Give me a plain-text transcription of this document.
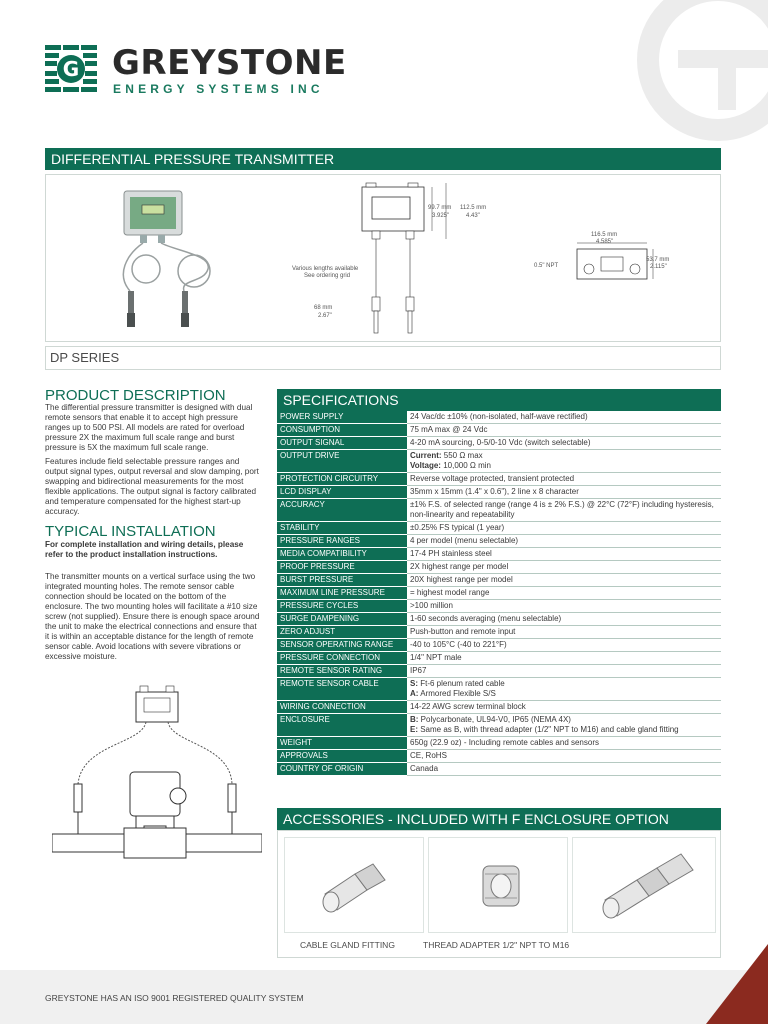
G GREYSTONE
ENERGY SYSTEMS INC
DIFFERENTIAL PRESSURE TRANSMITTER
99.7 mm
3.925"
112.5 mm
4.43"
Various lengths available
See ordering grid
68 mm
2.67"
116.5 mm
4.585"
0.5" NPT
53.7 mm
2.115"
DP SERIES
PRODUCT DESCRIPTION
The differential pressure transmitter is designed with dual remote sensors that enable it to accept high pressure ranges up to 500 PSI. All models are rated for overload pressure 2X the maximum full scale range and burst pressure is 5X the maximum full scale range.
Features include field selectable pressure ranges and output signal types, output reversal and slow damping, port swapping and bidirectional measurements for the most flexible applications. The output signal is factory calibrated and temperature compensated for the highest start-up accuracy.
TYPICAL INSTALLATION
For complete installation and wiring details, please refer to the product installation instructions.
The transmitter mounts on a vertical surface using the two integrated mounting holes. The remote sensor cable connection should be located on the bottom of the enclosure. The two mounting holes will facilitate a #10 size screw (not supplied). Ensure there is enough space around the unit to make the electrical connections and ensure that it is within an acceptable distance for the length of remote sensor cable. Avoid locations with severe vibrations or excessive moisture.
SPECIFICATIONS
POWER SUPPLY	24 Vac/dc ±10% (non-isolated, half-wave rectified)
CONSUMPTION	75 mA max @ 24 Vdc
OUTPUT SIGNAL	4-20 mA sourcing, 0-5/0-10 Vdc (switch selectable)
OUTPUT DRIVE	Current: 550 Ω max
Voltage: 10,000 Ω min

PROTECTION CIRCUITRY	Reverse voltage protected, transient protected
LCD DISPLAY	35mm x 15mm (1.4" x 0.6"), 2 line x 8 character
ACCURACY	±1% F.S. of selected range (range 4 is ± 2% F.S.) @ 22°C (72°F) including hysteresis, non-linearity and repeatability
STABILITY	±0.25% FS typical (1 year)
PRESSURE RANGES	4 per model (menu selectable)
MEDIA COMPATIBILITY	17-4 PH stainless steel
PROOF PRESSURE	2X highest range per model
BURST PRESSURE	20X highest range per model
MAXIMUM LINE PRESSURE	= highest model range
PRESSURE CYCLES	>100 million
SURGE DAMPENING	1-60 seconds averaging (menu selectable)
ZERO ADJUST	Push-button and remote input
SENSOR OPERATING RANGE	-40 to 105°C (-40 to 221°F)
PRESSURE CONNECTION	1/4" NPT male
REMOTE SENSOR RATING	IP67
REMOTE SENSOR CABLE	S: Ft-6 plenum rated cable
A: Armored Flexible S/S

WIRING CONNECTION	14-22 AWG screw terminal block
ENCLOSURE	B: Polycarbonate, UL94-V0, IP65 (NEMA 4X)
E: Same as B, with thread adapter (1/2" NPT to M16) and cable gland fitting

WEIGHT	650g (22.9 oz) - Including remote cables and sensors
APPROVALS	CE, RoHS
COUNTRY OF ORIGIN	Canada
ACCESSORIES - INCLUDED WITH F ENCLOSURE OPTION
CABLE GLAND FITTING	THREAD ADAPTER 1/2" NPT TO M16
GREYSTONE HAS AN ISO 9001 REGISTERED QUALITY SYSTEM
